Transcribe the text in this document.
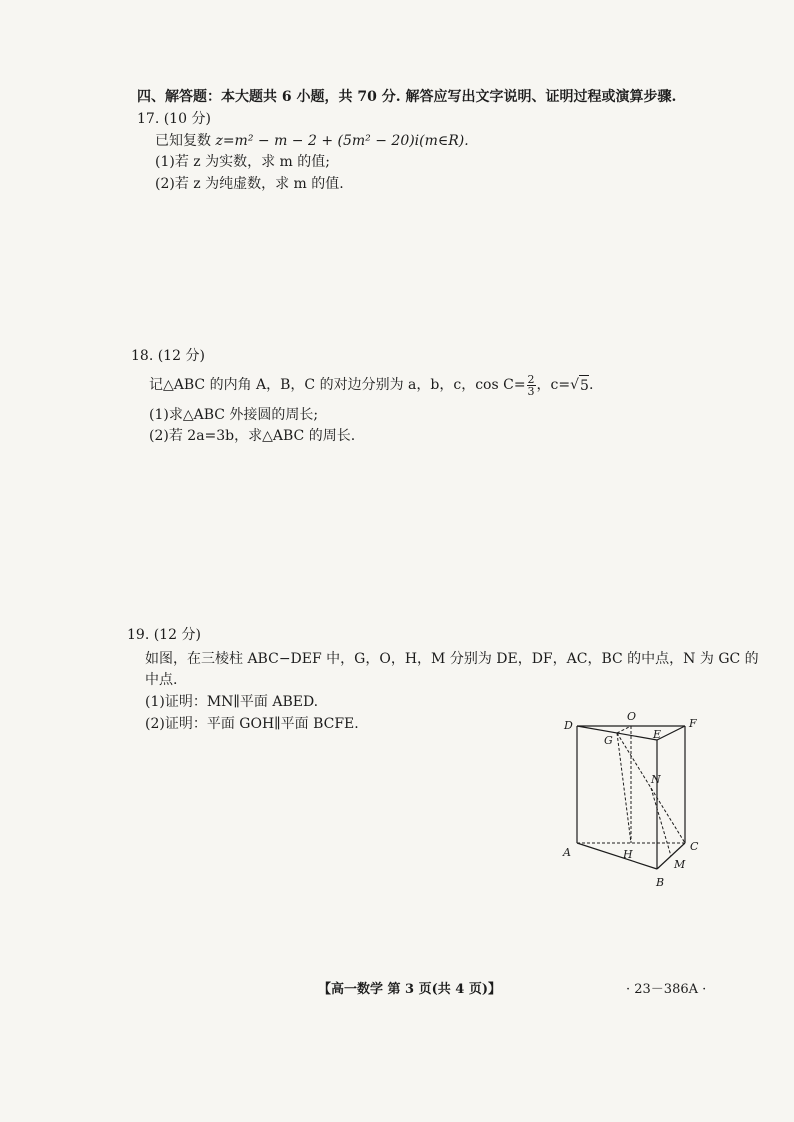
四、解答题：本大题共 6 小题，共 70 分. 解答应写出文字说明、证明过程或演算步骤.
17. (10 分)
已知复数 z=m² − m − 2 + (5m² − 20)i(m∈R).
(1)若 z 为实数，求 m 的值;
(2)若 z 为纯虚数，求 m 的值.
18. (12 分)
记△ABC 的内角 A，B，C 的对边分别为 a，b，c，$\cos C= \frac{2}{3}$ ，c= √ 5 .
(1)求△ABC 外接圆的周长;
(2)若 2a=3b，求△ABC 的周长.
19. (12 分)
如图，在三棱柱 ABC−DEF 中，G，O，H，M 分别为 DE，DF，AC，BC 的中点，N 为 GC 的
中点.
(1)证明：MN∥平面 ABED.
(2)证明：平面 GOH∥平面 BCFE.	D
O
F
G	E
N
A	H
C
M
B
【高一数学 第 3 页(共 4 页)】	· 23－386A ·
